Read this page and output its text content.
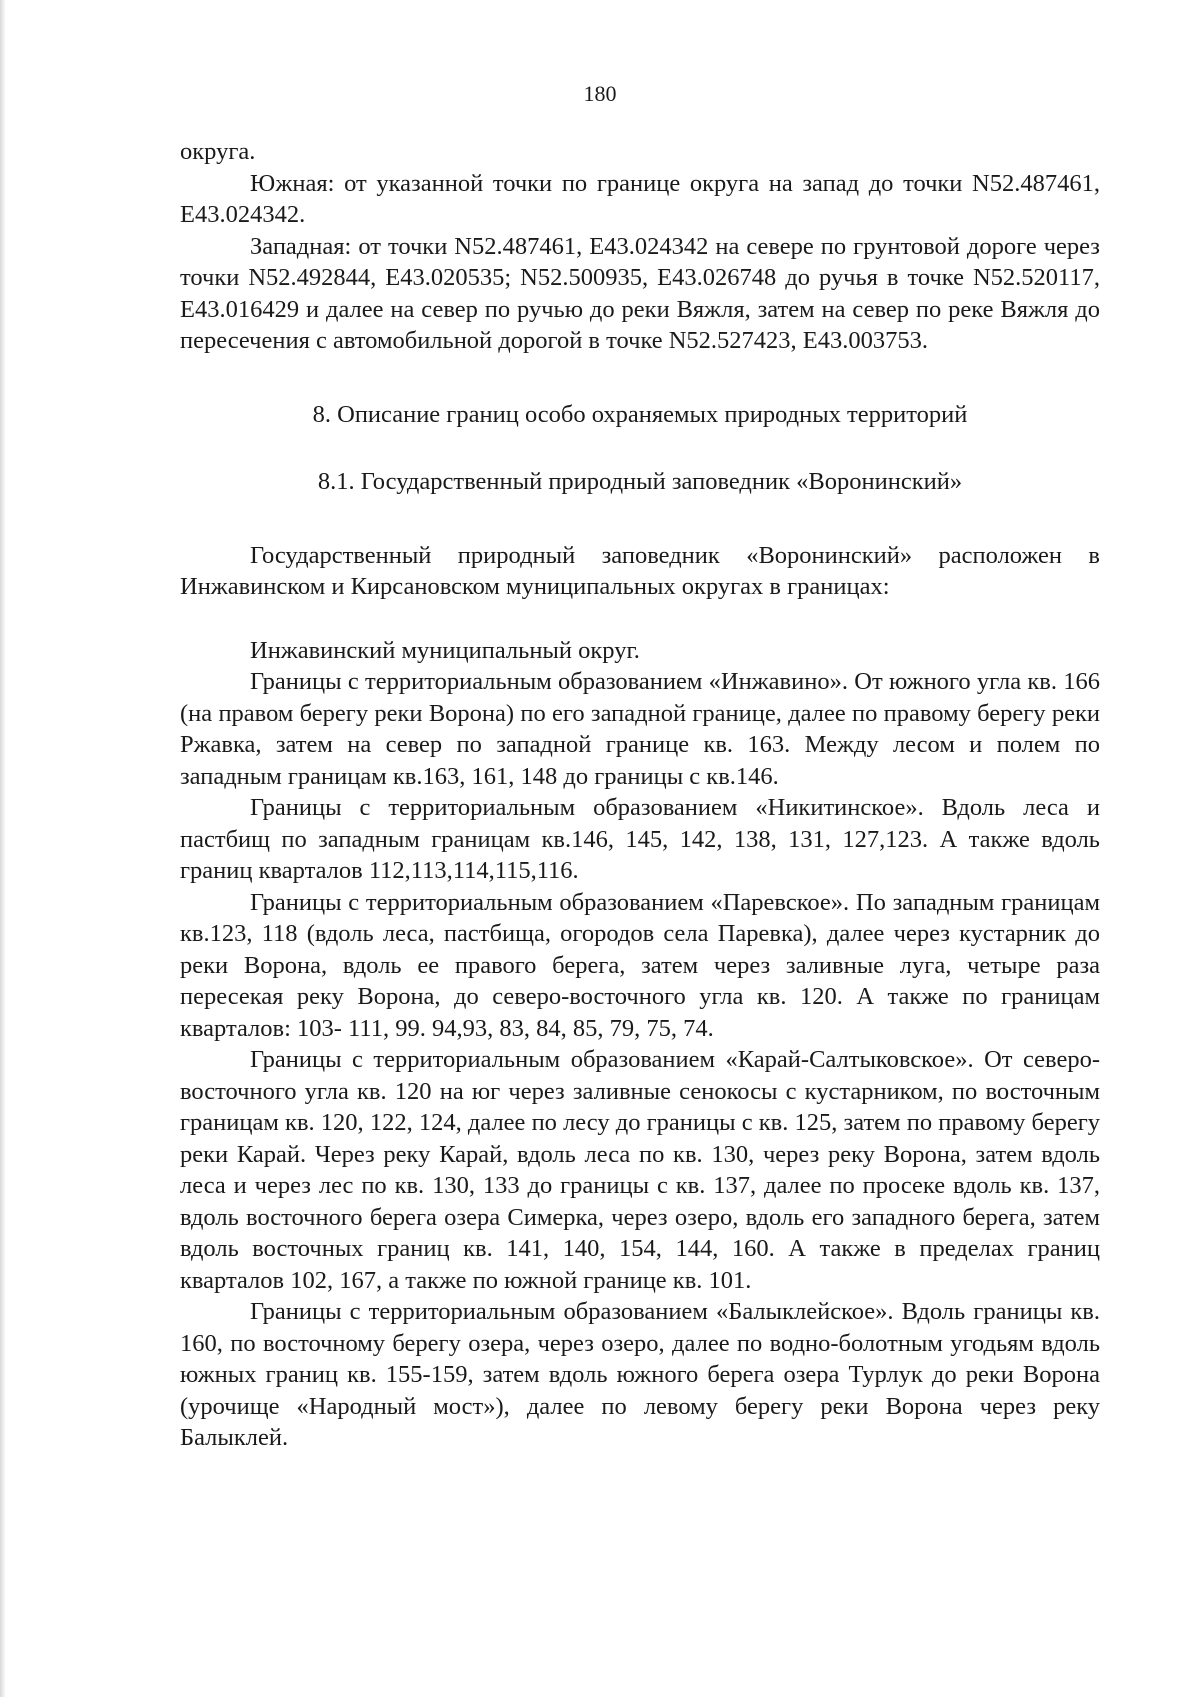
180

округа.

Южная: от указанной точки по границе округа на запад до точки N52.487461, E43.024342.

Западная: от точки N52.487461, E43.024342 на севере по грунтовой дороге через точки N52.492844, E43.020535; N52.500935, E43.026748 до ручья в точке N52.520117, E43.016429 и далее на север по ручью до реки Вяжля, затем на север по реке Вяжля до пересечения с автомобильной дорогой в точке N52.527423, E43.003753.

8. Описание границ особо охраняемых природных территорий

8.1. Государственный природный заповедник «Воронинский»

Государственный природный заповедник «Воронинский» расположен в Инжавинском и Кирсановском муниципальных округах в границах:

Инжавинский муниципальный округ.

Границы с территориальным образованием «Инжавино». От южного угла кв. 166 (на правом берегу реки Ворона) по его западной границе, далее по правому берегу реки Ржавка, затем на север по западной границе кв. 163. Между лесом и полем по западным границам кв.163, 161, 148 до границы с кв.146.

Границы с территориальным образованием «Никитинское». Вдоль леса и пастбищ по западным границам кв.146, 145, 142, 138, 131, 127,123. А также вдоль границ кварталов 112,113,114,115,116.

Границы с территориальным образованием «Паревское». По западным границам кв.123, 118 (вдоль леса, пастбища, огородов села Паревка), далее через кустарник до реки Ворона, вдоль ее правого берега, затем через заливные луга, четыре раза пересекая реку Ворона, до северо-восточного угла кв. 120. А также по границам кварталов: 103- 111, 99. 94,93, 83, 84, 85, 79, 75, 74.

Границы с территориальным образованием «Карай-Салтыковское». От северо-восточного угла кв. 120 на юг через заливные сенокосы с кустарником, по восточным границам кв. 120, 122, 124, далее по лесу до границы с кв. 125, затем по правому берегу реки Карай. Через реку Карай, вдоль леса по кв. 130, через реку Ворона, затем вдоль леса и через лес по кв. 130, 133 до границы с кв. 137, далее по просеке вдоль кв. 137, вдоль восточного берега озера Симерка, через озеро, вдоль его западного берега, затем вдоль восточных границ кв. 141, 140, 154, 144, 160. А также в пределах границ кварталов 102, 167, а также по южной границе кв. 101.

Границы с территориальным образованием «Балыклейское». Вдоль границы кв. 160, по восточному берегу озера, через озеро, далее по водно-болотным угодьям вдоль южных границ кв. 155-159, затем вдоль южного берега озера Турлук до реки Ворона (урочище «Народный мост»), далее по левому берегу реки Ворона через реку Балыклей.
